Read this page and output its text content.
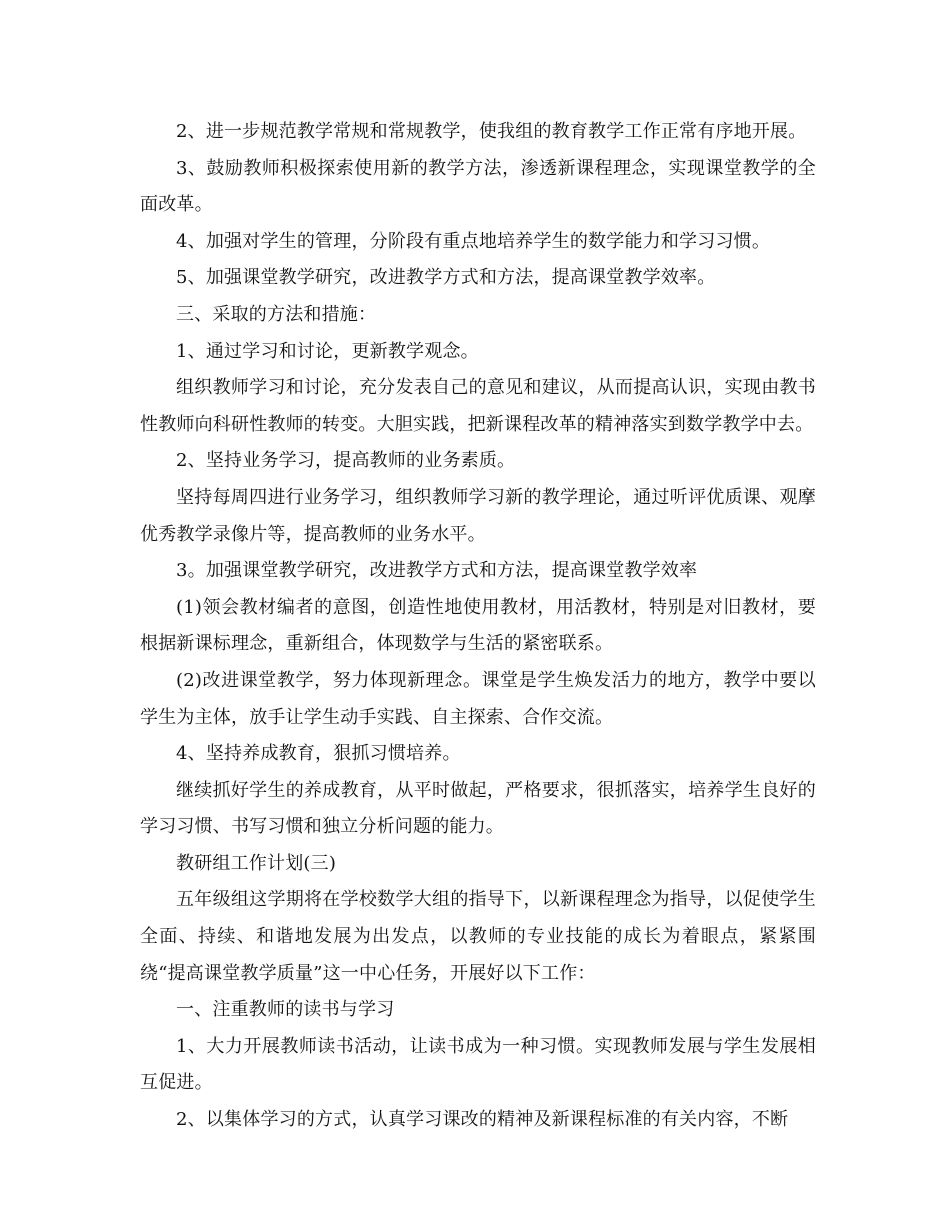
2、进一步规范教学常规和常规教学，使我组的教育教学工作正常有序地开展。

3、鼓励教师积极探索使用新的教学方法，渗透新课程理念，实现课堂教学的全面改革。

4、加强对学生的管理，分阶段有重点地培养学生的数学能力和学习习惯。

5、加强课堂教学研究，改进教学方式和方法，提高课堂教学效率。

三、采取的方法和措施：

1、通过学习和讨论，更新教学观念。

组织教师学习和讨论，充分发表自己的意见和建议，从而提高认识，实现由教书性教师向科研性教师的转变。大胆实践，把新课程改革的精神落实到数学教学中去。

2、坚持业务学习，提高教师的业务素质。

坚持每周四进行业务学习，组织教师学习新的教学理论，通过听评优质课、观摩优秀教学录像片等，提高教师的业务水平。

3。加强课堂教学研究，改进教学方式和方法，提高课堂教学效率

(1)领会教材编者的意图，创造性地使用教材，用活教材，特别是对旧教材，要根据新课标理念，重新组合，体现数学与生活的紧密联系。

(2)改进课堂教学，努力体现新理念。课堂是学生焕发活力的地方，教学中要以学生为主体，放手让学生动手实践、自主探索、合作交流。

4、坚持养成教育，狠抓习惯培养。

继续抓好学生的养成教育，从平时做起，严格要求，很抓落实，培养学生良好的学习习惯、书写习惯和独立分析问题的能力。

教研组工作计划(三)

五年级组这学期将在学校数学大组的指导下，以新课程理念为指导，以促使学生全面、持续、和谐地发展为出发点，以教师的专业技能的成长为着眼点，紧紧围绕“提高课堂教学质量”这一中心任务，开展好以下工作：

一、注重教师的读书与学习

1、大力开展教师读书活动，让读书成为一种习惯。实现教师发展与学生发展相互促进。

2、以集体学习的方式，认真学习课改的精神及新课程标准的有关内容，不断
